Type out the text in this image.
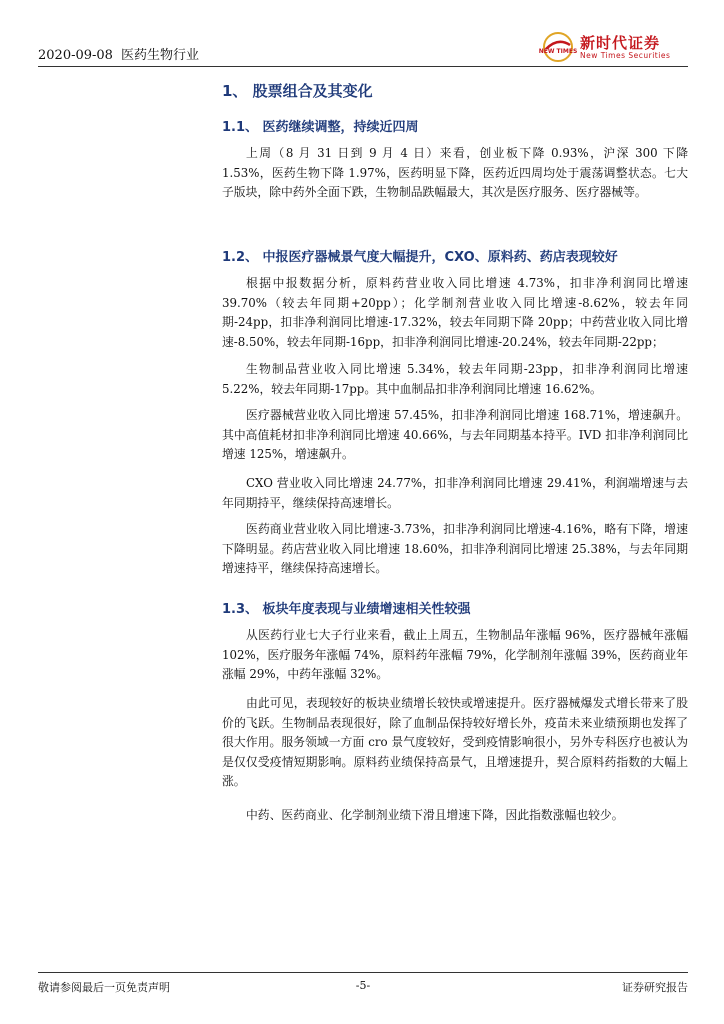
2020-09-08 医药生物行业	NEW TIMES 新时代证券
New Times Securities
1、 股票组合及其变化
1.1、 医药继续调整，持续近四周

上周（8 月 31 日到 9 月 4 日）来看，创业板下降 0.93%，沪深 300 下降 1.53%，医药生物下降 1.97%，医药明显下降，医药近四周均处于震荡调整状态。七大子版块，除中药外全面下跌，生物制品跌幅最大，其次是医疗服务、医疗器械等。

1.2、 中报医疗器械景气度大幅提升，CXO、原料药、药店表现较好

根据中报数据分析，原料药营业收入同比增速 4.73%，扣非净利润同比增速 39.70%（较去年同期+20pp）；化学制剂营业收入同比增速-8.62%，较去年同期-24pp，扣非净利润同比增速-17.32%，较去年同期下降 20pp；中药营业收入同比增速-8.50%，较去年同期-16pp，扣非净利润同比增速-20.24%，较去年同期-22pp；

生物制品营业收入同比增速 5.34%，较去年同期-23pp，扣非净利润同比增速 5.22%，较去年同期-17pp。其中血制品扣非净利润同比增速 16.62%。

医疗器械营业收入同比增速 57.45%，扣非净利润同比增速 168.71%，增速飙升。其中高值耗材扣非净利润同比增速 40.66%，与去年同期基本持平。IVD 扣非净利润同比增速 125%，增速飙升。

CXO 营业收入同比增速 24.77%，扣非净利润同比增速 29.41%，利润端增速与去年同期持平，继续保持高速增长。

医药商业营业收入同比增速-3.73%，扣非净利润同比增速-4.16%，略有下降，增速下降明显。药店营业收入同比增速 18.60%，扣非净利润同比增速 25.38%，与去年同期增速持平，继续保持高速增长。

1.3、 板块年度表现与业绩增速相关性较强

从医药行业七大子行业来看，截止上周五，生物制品年涨幅 96%，医疗器械年涨幅 102%，医疗服务年涨幅 74%，原料药年涨幅 79%，化学制剂年涨幅 39%，医药商业年涨幅 29%，中药年涨幅 32%。

由此可见，表现较好的板块业绩增长较快或增速提升。医疗器械爆发式增长带来了股价的飞跃。生物制品表现很好，除了血制品保持较好增长外，疫苗未来业绩预期也发挥了很大作用。服务领域一方面 cro 景气度较好，受到疫情影响很小，另外专科医疗也被认为是仅仅受疫情短期影响。原料药业绩保持高景气，且增速提升，契合原料药指数的大幅上涨。

中药、医药商业、化学制剂业绩下滑且增速下降，因此指数涨幅也较少。

敬请参阅最后一页免责声明	-5-	证券研究报告
